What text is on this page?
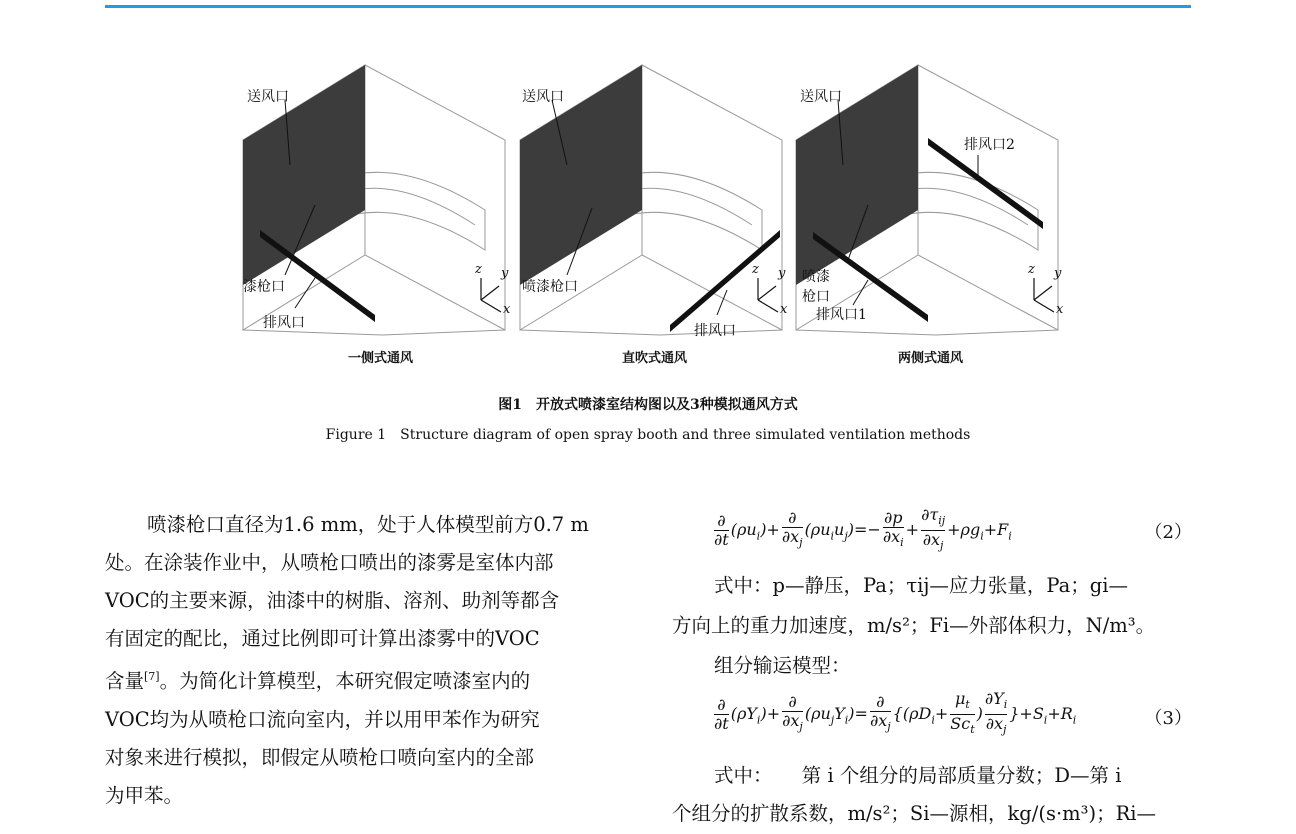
送风口
漆枪口
排风口
z y
x
一侧式通风
送风口
喷漆枪口
排风口
z y
x
直吹式通风
送风口
排风口2
喷漆
枪口
排风口1
z y
x
两侧式通风
图1　开放式喷漆室结构图以及3种模拟通风方式
Figure 1　Structure diagram of open spray booth and three simulated ventilation methods
喷漆枪口直径为1.6 mm，处于人体模型前方0.7 m
处。在涂装作业中，从喷枪口喷出的漆雾是室体内部
VOC的主要来源，油漆中的树脂、溶剂、助剂等都含
有固定的配比，通过比例即可计算出漆雾中的VOC
含量[7]。为简化计算模型，本研究假定喷漆室内的
VOC均为从喷枪口流向室内，并以用甲苯作为研究
对象来进行模拟，即假定从喷枪口喷向室内的全部
为甲苯。
$\frac{\partial}{\partial t} (\rho u_i)+ \frac{\partial}{\partial x_j} (\rho u_iu_j)=- \frac{\partial p}{\partial x_i} + \frac{\partial\tau_{ij}}{\partial x_j} +\rho g_i+F_i$	（2）
式中：p—静压，Pa；τij—应力张量，Pa；gi—
方向上的重力加速度，m/s²；Fi—外部体积力，N/m³。
组分输运模型：
$\frac{\partial}{\partial t} (\rho Y_i)+ \frac{\partial}{\partial x_j} (\rho u_jY_i)= \frac{\partial}{\partial x_j} \{(\rho D_i+ \frac{\mu_t}{Sc_t}$ ) $\frac{\partial Y_i}{\partial x_j} \}+S_i+R_i$	（3）
式中：　　第 i 个组分的局部质量分数；D—第 i
个组分的扩散系数，m/s²；Si—源相，kg/(s·m³)；Ri—
